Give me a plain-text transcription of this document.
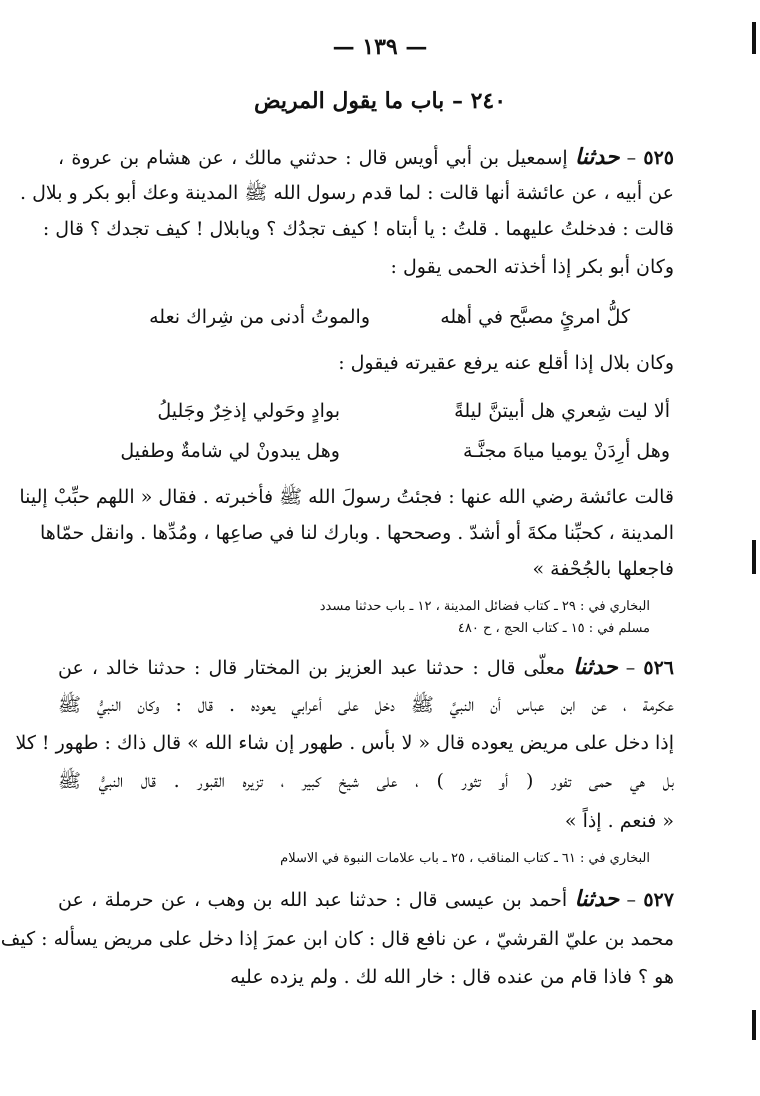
— ١٣٩ —
٢٤٠ – باب ما يقول المريض
٥٢٥ – حدثنا إسمعيل بن أبي أويس قال : حدثني مالك ، عن هشام بن عروة ،
عن أبيه ، عن عائشة أنها قالت : لما قدم رسول الله ﷺ المدينة وعك أبو بكر و بلال .
قالت : فدخلتُ عليهما . قلتُ : يا أبتاه ! كيف تجدُك ؟ ويابلال ! كيف تجدك ؟ قال :
وكان أبو بكر إذا أخذته الحمى يقول :
كلُّ امرئٍ مصبَّح في أهله
والموتُ أدنى من شِراك نعله
وكان بلال إذا أقلع عنه يرفع عقيرته فيقول :
ألا ليت شِعري هل أبيتنَّ ليلةً
بوادٍ وحَولي إذخِرٌ وجَليلُ
وهل أرِدَنْ يوميا مياهَ مجنَّـة
وهل يبدونْ لي شامةٌ وطفيل
قالت عائشة رضي الله عنها : فجئتُ رسولَ الله ﷺ فأخبرته . فقال « اللهم حبِّبْ إلينا
المدينة ، كحبِّنا مكةَ أو أشدّ . وصححها . وبارك لنا في صاعِها ، ومُدِّها . وانقل حمّاها
فاجعلها بالجُحْفة »
البخاري في : ٢٩ ـ كتاب فضائل المدينة ، ١٢ ـ باب حدثنا مسدد
مسلم في : ١٥ ـ كتاب الحج ، ح ٤٨٠
٥٢٦ – حدثنا معلّى قال : حدثنا عبد العزيز بن المختار قال : حدثنا خالد ، عن
عكرمة ، عن ابن عباس أن النبيَّ ﷺ دخل على أعرابي يعوده . قال : وكان النبيُّ ﷺ
إذا دخل على مريض يعوده قال « لا بأس . طهور إن شاء الله » قال ذاك : طهور ! كلا
بل هي حمى تفور ( أو تثور ) ، على شيخ كبير ، تزيره القبور . قال النبيُّ ﷺ
« فنعم . إذاً »
البخاري في : ٦١ ـ كتاب المناقب ، ٢٥ ـ باب علامات النبوة في الاسلام
٥٢٧ – حدثنا أحمد بن عيسى قال : حدثنا عبد الله بن وهب ، عن حرملة ، عن
محمد بن عليّ القرشيّ ، عن نافع قال : كان ابن عمرَ إذا دخل على مريض يسأله : كيف
هو ؟ فاذا قام من عنده قال : خار الله لك . ولم يزده عليه
